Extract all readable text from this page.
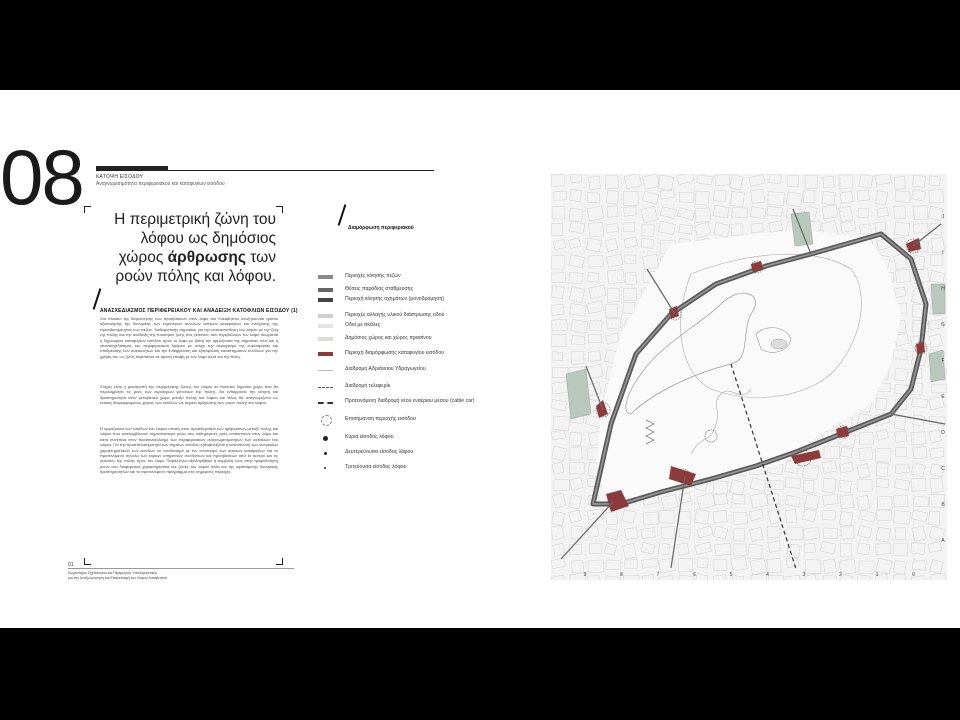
08	ΚΑΤΟΨΗ ΕΙΣΟΔΟΥ
Αναγνωρισιμότητα περιφερειακού και καταφυγίων εισόδου
Η περιμετρική ζώνη του λόφου ως δημόσιος χώρος άρθρωσης των ροών πόλης και λόφου.
ΑΝΑΣΧΕΔΙΑΣΜΟΣ ΠΕΡΙΦΕΡΕΙΑΚΟΥ ΚΑΙ ΑΝΑΔΕΙΞΗ ΚΑΤΟΦΛΙΩΝ ΕΙΣΟΔΟΥ (1)
Στο πλαίσιο της διερεύνησης των προσβάσεων στον λόφο του Λυκαβηττού αναζητούνται τρόποι αξιοποίησης της δυναμικής των ευρύτερων συνόλων αστικών καταφυγίων και ενίσχυσης της προσβασιμότητας των πεζών. Καθοριστικής σημασίας για την επανασύνδεση του λόφου με την ζωή της πόλης και την ανάδειξη της ποιότητας ζωής στις γειτονιές που περιβάλλουν τον λόφο, θεωρείται η δημιουργία καταφυγίων εισόδου προς το λόφο με βάση την αρμόζουσα της σημασίας τους και η επανασχεδίασμός του περιφερειακού δρόμου με στόχο την περιορισμό της κυκλοφορίας και στάθμευσης των αυτοκινήτων και την ενθάρρυνση και εξασφάλιση καταστημάτων συνόλων για την χρήση του ως ζώνη περιπάτου σε άμεση επαφή με τον λόφο αλλά και την πόλη.
Στόχος είναι η μετατροπή της περιμετρικής ζώνης του λόφου σε ποιοτικό δημόσιο χώρο που θα περιλαμβάνει τις ροές των ευρύτερων γειτονιών της πόλης, θα ενθαρρύνει την κίνηση και δραστηριότητα στον μεταβατικό χώρο μεταξύ πόλης και λόφου και τέλος θα αναγνωρίζεται ως ενιαίος διαμορφωμένος χώρος των εισόδων ως σημείο άρθρωσης των ροών πόλης και λόφου.
Η αρμόζουσα των εισόδων του λόφου οπτική στον προσδιορισμό των αρθρώσεων μεταξύ πόλης και λόφου που αναλαμβάνουν σημαντικότερο ρόλο στις καθημερινές ροές επισκεπτών στον λόφο και κατά συνέπεια στον προσανατολισμό των περιφερειακών αναγνωρισιμοτήτων των κατοικιών του λόφου. Για την προσπελασιμότητα των σημείων εισόδου εξασφαλίζεται η κατεύθυνση των αναγκαίων χαρακτηριστικών των εισόδων σε συνδυασμό με τον εντοπισμό των αστικών καταφυγίων και το προτεινόμενο σύνολο των κυρίων υπηρεσιών συνδέσεων και προσβάσεων από το κέντρο και τις γειτονιές της πόλης προς τον λόφο. Παράλληλα αξιολογήθηκε η συμβολή τους στην τροφοδότηση ροών στα διαφορετικά χαρακτηριστικά και ζώνες του λόφου αλλά και της υφιστάμενης δυναμικής δραστηριοτήτων και το προτεινόμενο πρόγραμμα στις σημερινές περιοχές.
01
Εργαστήριο Σχεδιασμού και Περιμέτρου Υποδομαστικής
για την Αναζωογόνηση και Επανεπαφή του Λόφου Λυκαβηττού
Διαμόρφωση περιφεριακού
Περιοχές κίνησης πεζών
Θέσεις παρόδιας στάθμευσης
Περιοχή κίνησης οχημάτων (μονοδρόμηση)
Περιοχές αλλαγής υλικού διάστρωσης οδού
Οδοί με σκάλες
Δημόσιος χώρος και χώρος πρασίνου
Περιοχή διαμόρφωσης καταφυγίου εισόδου
Διαδρομή Αδριάνειου Υδραγωγείου
Διαδρομή τελεφερίκ
Προτεινόμενη διαδρομή νέου εναέριου μέσου (cable car)
Επισήμανση περιοχής εισόδου
Κύρια είσοδος λόφου
Δευτερεύουσα είσοδος λόφου
Τριτεύουσα είσοδος λόφου
9	8	7	6	5	4	3	2	1	0
J
I
H
G
F
E
D
C
B
A
